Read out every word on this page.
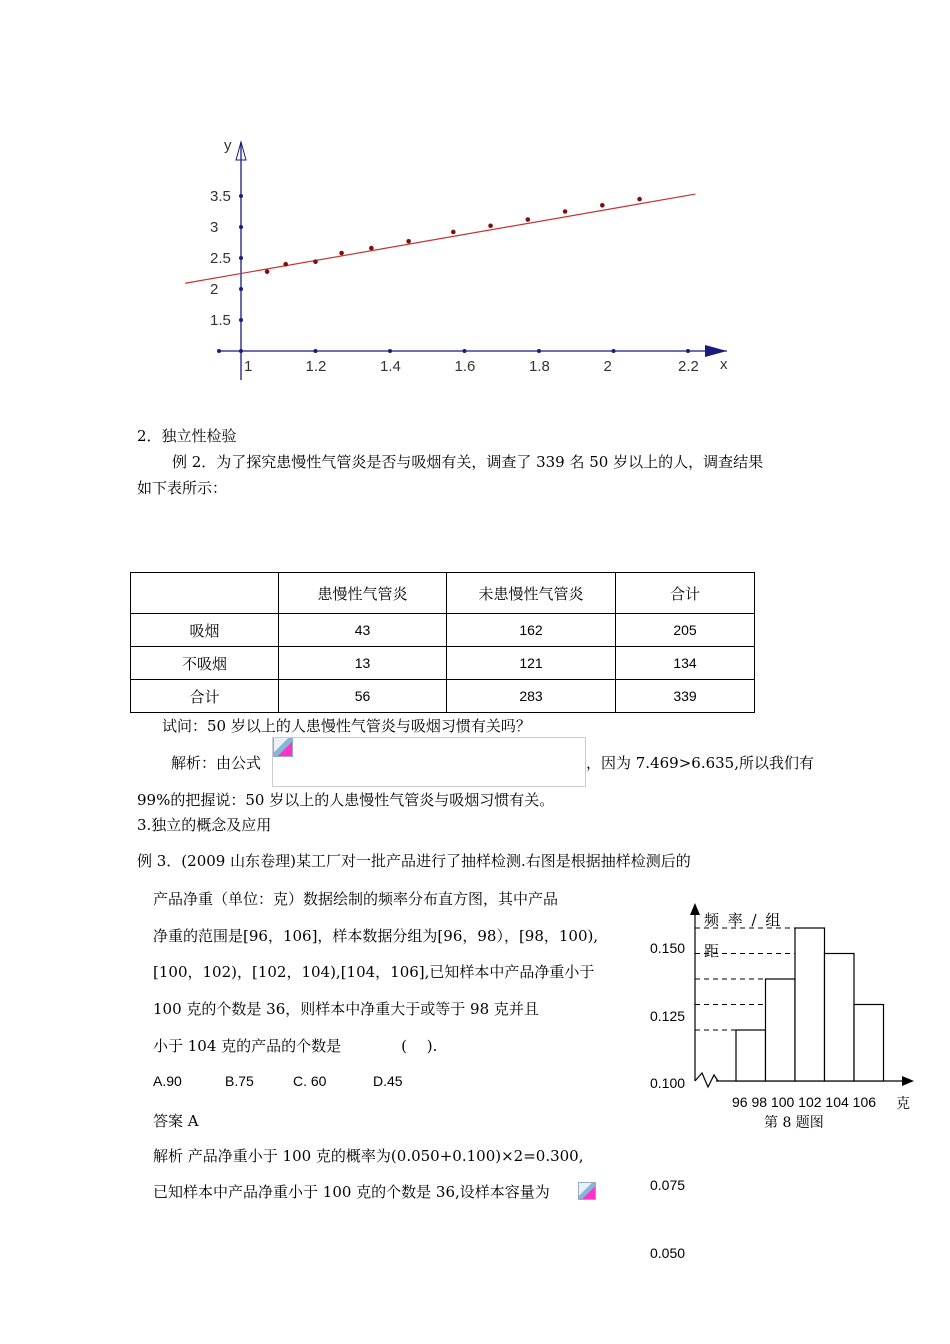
x
y
1	1.2	1.4	1.6	1.8	2	2.2
1.5
2
2.5
3
3.5
2．独立性检验
例 2．为了探究患慢性气管炎是否与吸烟有关，调查了 339 名 50 岁以上的人，调查结果
如下表所示：
	患慢性气管炎	未患慢性气管炎	合计
吸烟	43	162	205
不吸烟	13	121	134
合计	56	283	339
试问：50 岁以上的人患慢性气管炎与吸烟习惯有关吗？
解析：由公式	，因为 7.469>6.635,所以我们有
99%的把握说：50 岁以上的人患慢性气管炎与吸烟习惯有关。
3.独立的概念及应用
例 3．(2009 山东卷理)某工厂对一批产品进行了抽样检测.右图是根据抽样检测后的
产品净重（单位：克）数据绘制的频率分布直方图，其中产品
净重的范围是[96，106]，样本数据分组为[96，98），[98，100),
[100，102)，[102，104),[104，106],已知样本中产品净重小于
100 克的个数是 36，则样本中净重大于或等于 98 克并且
小于 104 克的产品的个数是　　　　(　 ).
A.90	B.75	C. 60	D.45
答案 A
解析 产品净重小于 100 克的概率为(0.050+0.100)×2=0.300,
已知样本中产品净重小于 100 克的个数是 36,设样本容量为
频 率 / 组
距
96 98 100 102 104 106 克
第 8 题图
0.150
0.125
0.100
0.075
0.050
